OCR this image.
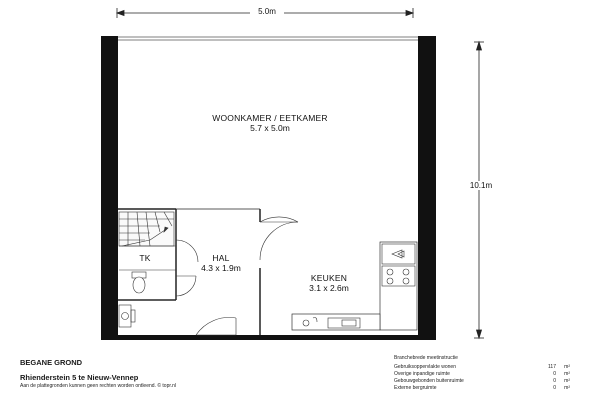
5.0m
10.1m
WOONKAMER / EETKAMER
5.7 x 5.0m
HAL
4.3 x 1.9m
KEUKEN
3.1 x 2.6m
TK
BEGANE GROND
Rhienderstein 5 te Nieuw-Vennep
Aan de plattegronden kunnen geen rechten worden ontleend. © topr.nl
Branchebrede meetinstructie
Gebruiksoppervlakte wonen	117 m²
Overige inpandige ruimte	0 m²
Gebouwgebonden buitenruimte	0 m²
Externe bergruimte	0 m²
